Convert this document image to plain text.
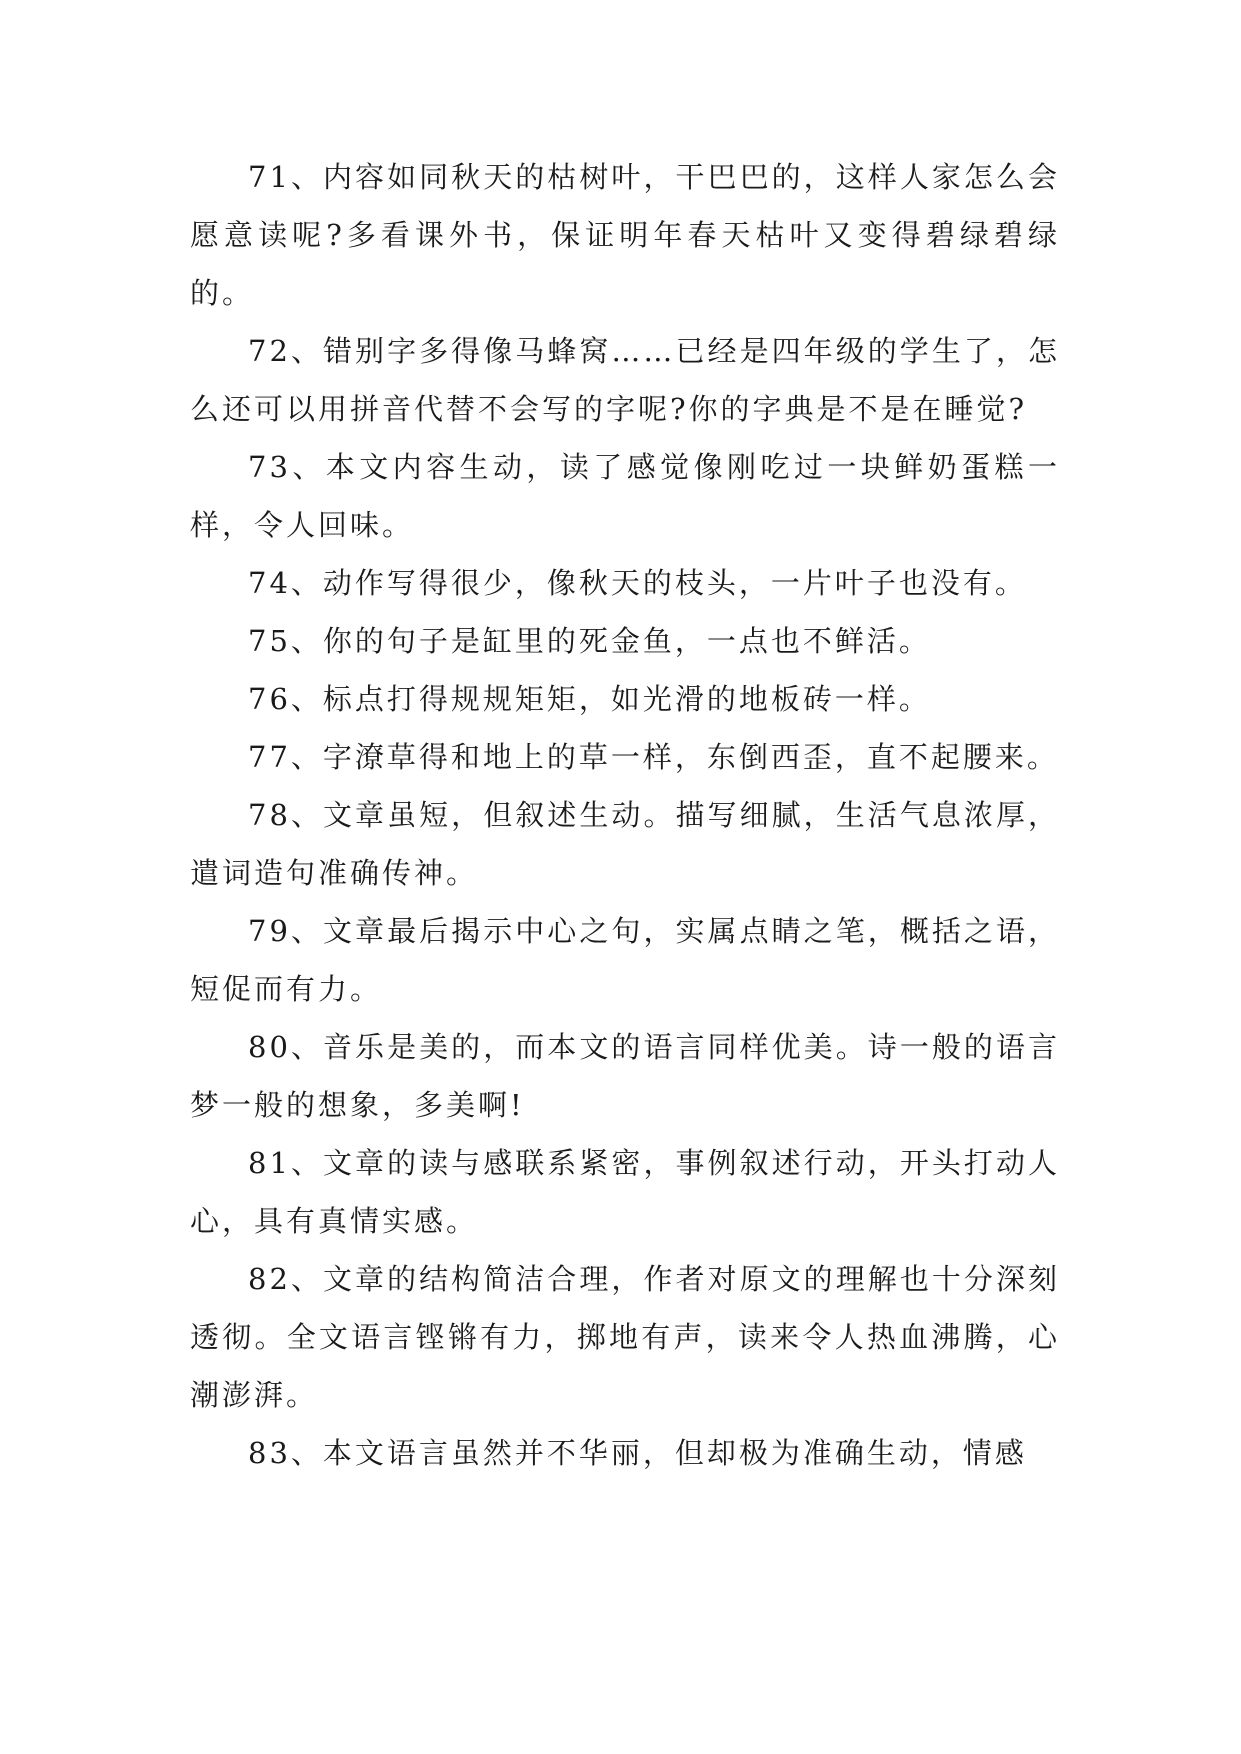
71、内容如同秋天的枯树叶，干巴巴的，这样人家怎么会愿意读呢?多看课外书，保证明年春天枯叶又变得碧绿碧绿的。

72、错别字多得像马蜂窝……已经是四年级的学生了，怎么还可以用拼音代替不会写的字呢?你的字典是不是在睡觉?

73、本文内容生动，读了感觉像刚吃过一块鲜奶蛋糕一样，令人回味。

74、动作写得很少，像秋天的枝头，一片叶子也没有。

75、你的句子是缸里的死金鱼，一点也不鲜活。

76、标点打得规规矩矩，如光滑的地板砖一样。

77、字潦草得和地上的草一样，东倒西歪，直不起腰来。

78、文章虽短，但叙述生动。描写细腻，生活气息浓厚，遣词造句准确传神。

79、文章最后揭示中心之句，实属点睛之笔，概括之语，短促而有力。

80、音乐是美的，而本文的语言同样优美。诗一般的语言梦一般的想象，多美啊!

81、文章的读与感联系紧密，事例叙述行动，开头打动人心，具有真情实感。

82、文章的结构简洁合理，作者对原文的理解也十分深刻透彻。全文语言铿锵有力，掷地有声，读来令人热血沸腾，心潮澎湃。

83、本文语言虽然并不华丽，但却极为准确生动，情感
